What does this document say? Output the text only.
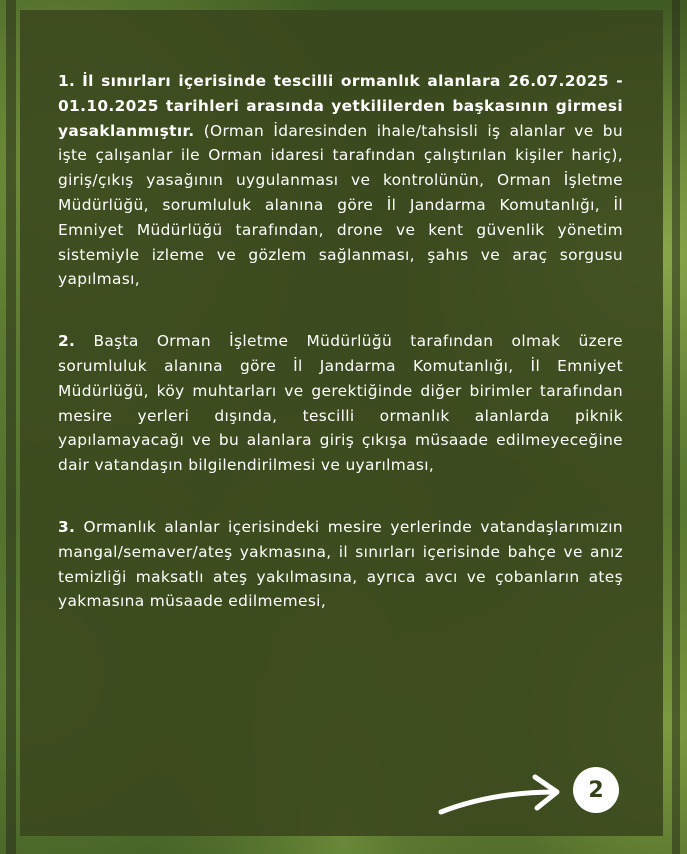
1. İl sınırları içerisinde tescilli ormanlık alanlara 26.07.2025 - 01.10.2025 tarihleri arasında yetkililerden başkasının girmesi yasaklanmıştır. (Orman İdaresinden ihale/tahsisli iş alanlar ve bu işte çalışanlar ile Orman idaresi tarafından çalıştırılan kişiler hariç), giriş/çıkış yasağının uygulanması ve kontrolünün, Orman İşletme Müdürlüğü, sorumluluk alanına göre İl Jandarma Komutanlığı, İl Emniyet Müdürlüğü tarafından, drone ve kent güvenlik yönetim sistemiyle izleme ve gözlem sağlanması, şahıs ve araç sorgusu yapılması,

2. Başta Orman İşletme Müdürlüğü tarafından olmak üzere sorumluluk alanına göre İl Jandarma Komutanlığı, İl Emniyet Müdürlüğü, köy muhtarları ve gerektiğinde diğer birimler tarafından mesire yerleri dışında, tescilli ormanlık alanlarda piknik yapılamayacağı ve bu alanlara giriş çıkışa müsaade edilmeyeceğine dair vatandaşın bilgilendirilmesi ve uyarılması,

3. Ormanlık alanlar içerisindeki mesire yerlerinde vatandaşlarımızın mangal/semaver/ateş yakmasına, il sınırları içerisinde bahçe ve anız temizliği maksatlı ateş yakılmasına, ayrıca avcı ve çobanların ateş yakmasına müsaade edilmemesi,

2
